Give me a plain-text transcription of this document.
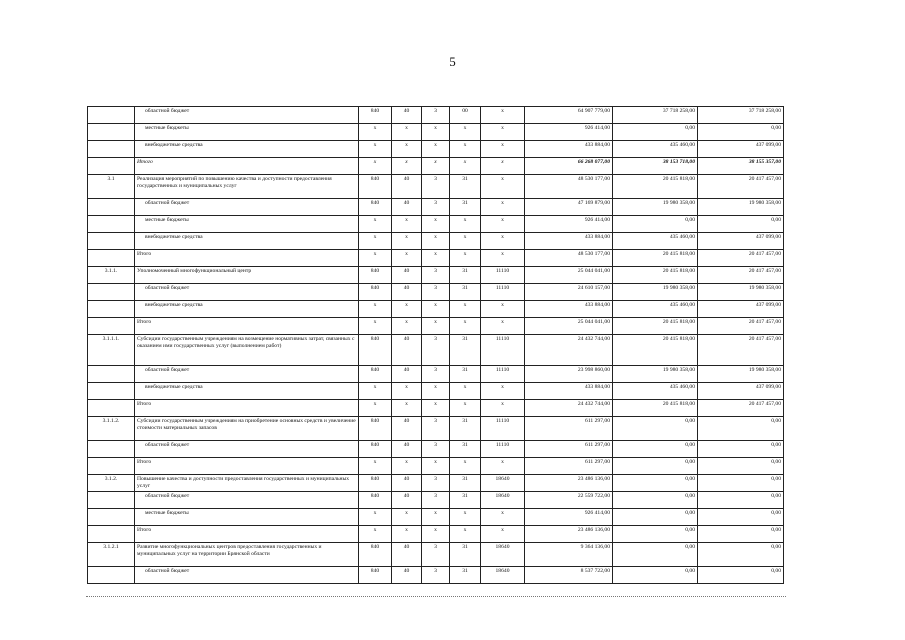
5
	областной бюджет	840	40	3	00	х	64 907 779,00	37 718 258,00	37 718 258,00
	местные бюджеты	х	х	х	х	х	926 414,00	0,00	0,00
	внебюджетные средства	х	х	х	х	х	433 884,00	435 460,00	437 099,00
	Итого	х	х	х	х	х	66 268 077,00	38 153 718,00	38 155 357,00
3.1	Реализация мероприятий по повышению качества и доступности предоставления государственных и муниципальных услуг	840	40	3	31	х	48 530 177,00	20 415 818,00	20 417 457,00
	областной бюджет	840	40	3	31	х	47 169 879,00	19 980 358,00	19 980 358,00
	местные бюджеты	х	х	х	х	х	926 414,00	0,00	0,00
	внебюджетные средства	х	х	х	х	х	433 884,00	435 460,00	437 099,00
	Итого	х	х	х	х	х	48 530 177,00	20 415 818,00	20 417 457,00
3.1.1.	Уполномоченный многофункциональный центр	840	40	3	31	11110	25 044 041,00	20 415 818,00	20 417 457,00
	областной бюджет	840	40	3	31	11110	24 610 157,00	19 980 358,00	19 980 358,00
	внебюджетные средства	х	х	х	х	х	433 884,00	435 460,00	437 099,00
	Итого	х	х	х	х	х	25 044 041,00	20 415 818,00	20 417 457,00
3.1.1.1.	Субсидии государственным учреждениям на возмещение нормативных затрат, связанных с оказанием ими государственных услуг (выполнением работ)	840	40	3	31	11110	24 432 744,00	20 415 818,00	20 417 457,00
	областной бюджет	840	40	3	31	11110	23 998 860,00	19 980 358,00	19 980 358,00
	внебюджетные средства	х	х	х	х	х	433 884,00	435 460,00	437 099,00
	Итого	х	х	х	х	х	24 432 744,00	20 415 818,00	20 417 457,00
3.1.1.2.	Субсидии государственным учреждениям на приобретение основных средств и увеличение стоимости материальных запасов	840	40	3	31	11110	611 297,00	0,00	0,00
	областной бюджет	840	40	3	31	11110	611 297,00	0,00	0,00
	Итого	х	х	х	х	х	611 297,00	0,00	0,00
3.1.2.	Повышение качества и доступности предоставления государственных и муниципальных услуг	840	40	3	31	18640	23 486 136,00	0,00	0,00
	областной бюджет	840	40	3	31	18640	22 559 722,00	0,00	0,00
	местные бюджеты	х	х	х	х	х	926 414,00	0,00	0,00
	Итого	х	х	х	х	х	23 486 136,00	0,00	0,00
3.1.2.1	Развитие многофункциональных центров предоставления государственных и муниципальных услуг на территории Брянской области	840	40	3	31	18640	9 364 136,00	0,00	0,00
	областной бюджет	840	40	3	31	18640	8 537 722,00	0,00	0,00
